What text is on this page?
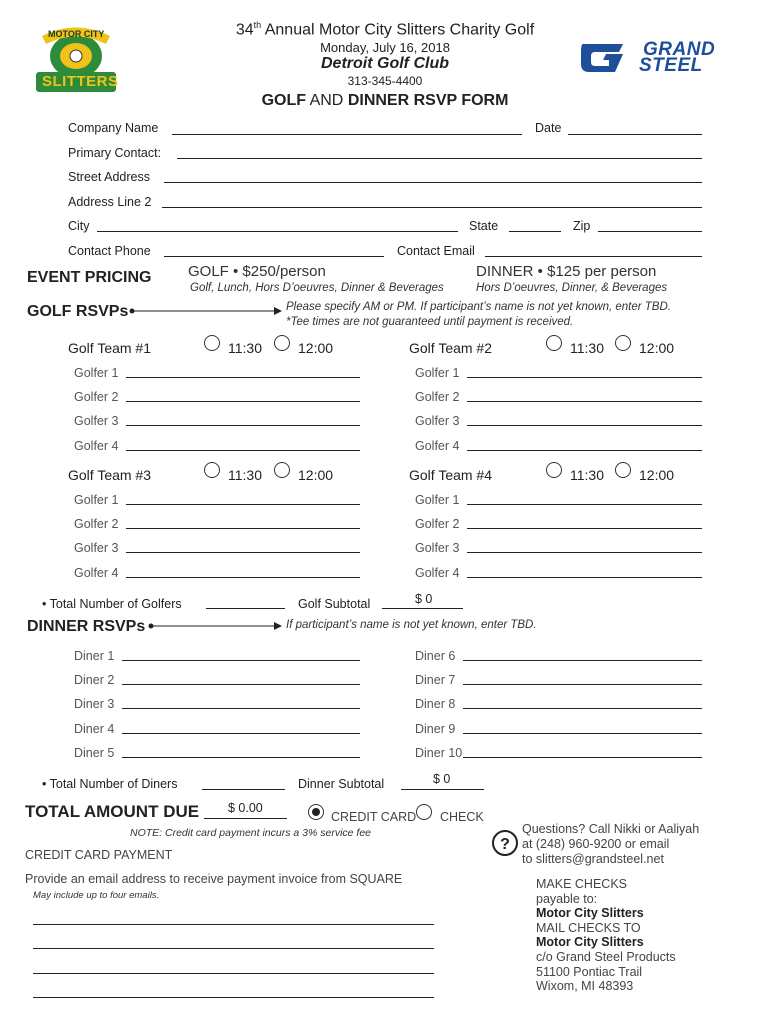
MOTOR CITY
SLITTERS
GRAND
STEEL
34th Annual Motor City Slitters Charity Golf
Monday, July 16, 2018
Detroit Golf Club
313-345-4400
GOLF AND DINNER RSVP FORM
Company Name	Date
Primary Contact:
Street Address
Address Line 2
City	State	Zip
Contact Phone	Contact Email
EVENT PRICING GOLF • $250/person
Golf, Lunch, Hors Dʼoeuvres, Dinner & Beverages
DINNER • $125 per person
Hors Dʼoeuvres, Dinner, & Beverages
GOLF RSVPs	Please specify AM or PM. If participantʼs name is not yet known, enter TBD.
*Tee times are not guaranteed until payment is received.
Golf Team #1	11:30	12:00
Golfer 1
Golfer 2
Golfer 3
Golfer 4
Golf Team #2	11:30	12:00
Golfer 1
Golfer 2
Golfer 3
Golfer 4
Golf Team #3	11:30	12:00
Golfer 1
Golfer 2
Golfer 3
Golfer 4
Golf Team #4	11:30	12:00
Golfer 1
Golfer 2
Golfer 3
Golfer 4
• Total Number of Golfers	Golf Subtotal	$ 0
DINNER RSVPs	If participantʼs name is not yet known, enter TBD.
Diner 1
Diner 2
Diner 3
Diner 4
Diner 5
Diner 6
Diner 7
Diner 8
Diner 9
Diner 10
• Total Number of Diners	Dinner Subtotal	$ 0
TOTAL AMOUNT DUE $ 0.00
CREDIT CARD CHECK
NOTE: Credit card payment incurs a 3% service fee
CREDIT CARD PAYMENT
Provide an email address to receive payment invoice from SQUARE
May include up to four emails.
?
Questions? Call Nikki or Aaliyah
at (248) 960-9200 or email
to slitters@grandsteel.net
MAKE CHECKS
payable to:
Motor City Slitters
MAIL CHECKS TO
Motor City Slitters
c/o Grand Steel Products
51100 Pontiac Trail
Wixom, MI 48393
